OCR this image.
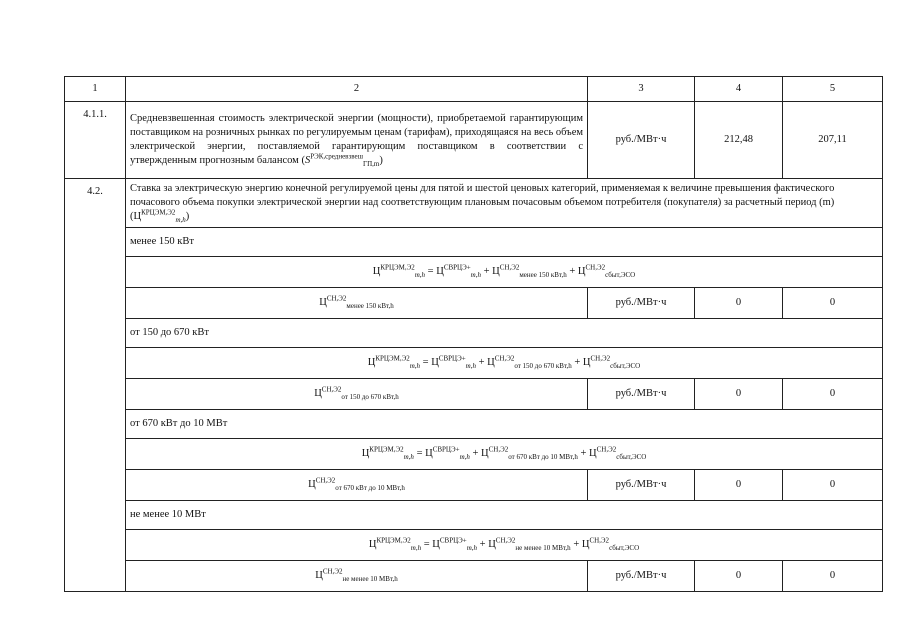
1	2	3	4	5
4.1.1.	Средневзвешенная стоимость электрической энергии (мощности), приобретаемой гарантирующим поставщиком на розничных рынках по регулируемым ценам (тарифам), приходящаяся на весь объем электрической энергии, поставляемой гарантирующим поставщиком в соответствии с утвержденным прогнозным балансом $(S^{РЭК,средневзвеш}_{ГП,m})$	руб./МВт·ч	212,48	207,11
4.2.	Ставка за электрическую энергию конечной регулируемой цены для пятой и шестой ценовых категорий, применяемая к величине превышения фактического почасового объема покупки электрической энергии над соответствующим плановым почасовым объемом потребителя (покупателя) за расчетный период (m) $(Ц^{КРЦЭМ,Э2}_{m,h})$			
	менее 150 кВт			
	$Ц^{КРЦЭМ,Э2}_{m,h} = Ц^{СВРЦЭ+}_{m,h} + Ц^{СН,Э2}_{менее 150 кВт,h} + Ц^{СН,Э2}_{сбыт,ЭСО}$
	$Ц^{СН,Э2}_{менее 150 кВт,h}$	руб./МВт·ч	0	0
	от 150 до 670 кВт			
	$Ц^{КРЦЭМ,Э2}_{m,h} = Ц^{СВРЦЭ+}_{m,h} + Ц^{СН,Э2}_{от 150 до 670 кВт,h} + Ц^{СН,Э2}_{сбыт,ЭСО}$
	$Ц^{СН,Э2}_{от 150 до 670 кВт,h}$	руб./МВт·ч	0	0
	от 670 кВт до 10 МВт			
	$Ц^{КРЦЭМ,Э2}_{m,h} = Ц^{СВРЦЭ+}_{m,h} + Ц^{СН,Э2}_{от 670 кВт до 10 МВт,h} + Ц^{СН,Э2}_{сбыт,ЭСО}$
	$Ц^{СН,Э2}_{от 670 кВт до 10 МВт,h}$	руб./МВт·ч	0	0
	не менее 10 МВт			
	$Ц^{КРЦЭМ,Э2}_{m,h} = Ц^{СВРЦЭ+}_{m,h} + Ц^{СН,Э2}_{не менее 10 МВт,h} + Ц^{СН,Э2}_{сбыт,ЭСО}$
	$Ц^{СН,Э2}_{не менее 10 МВт,h}$	руб./МВт·ч	0	0
